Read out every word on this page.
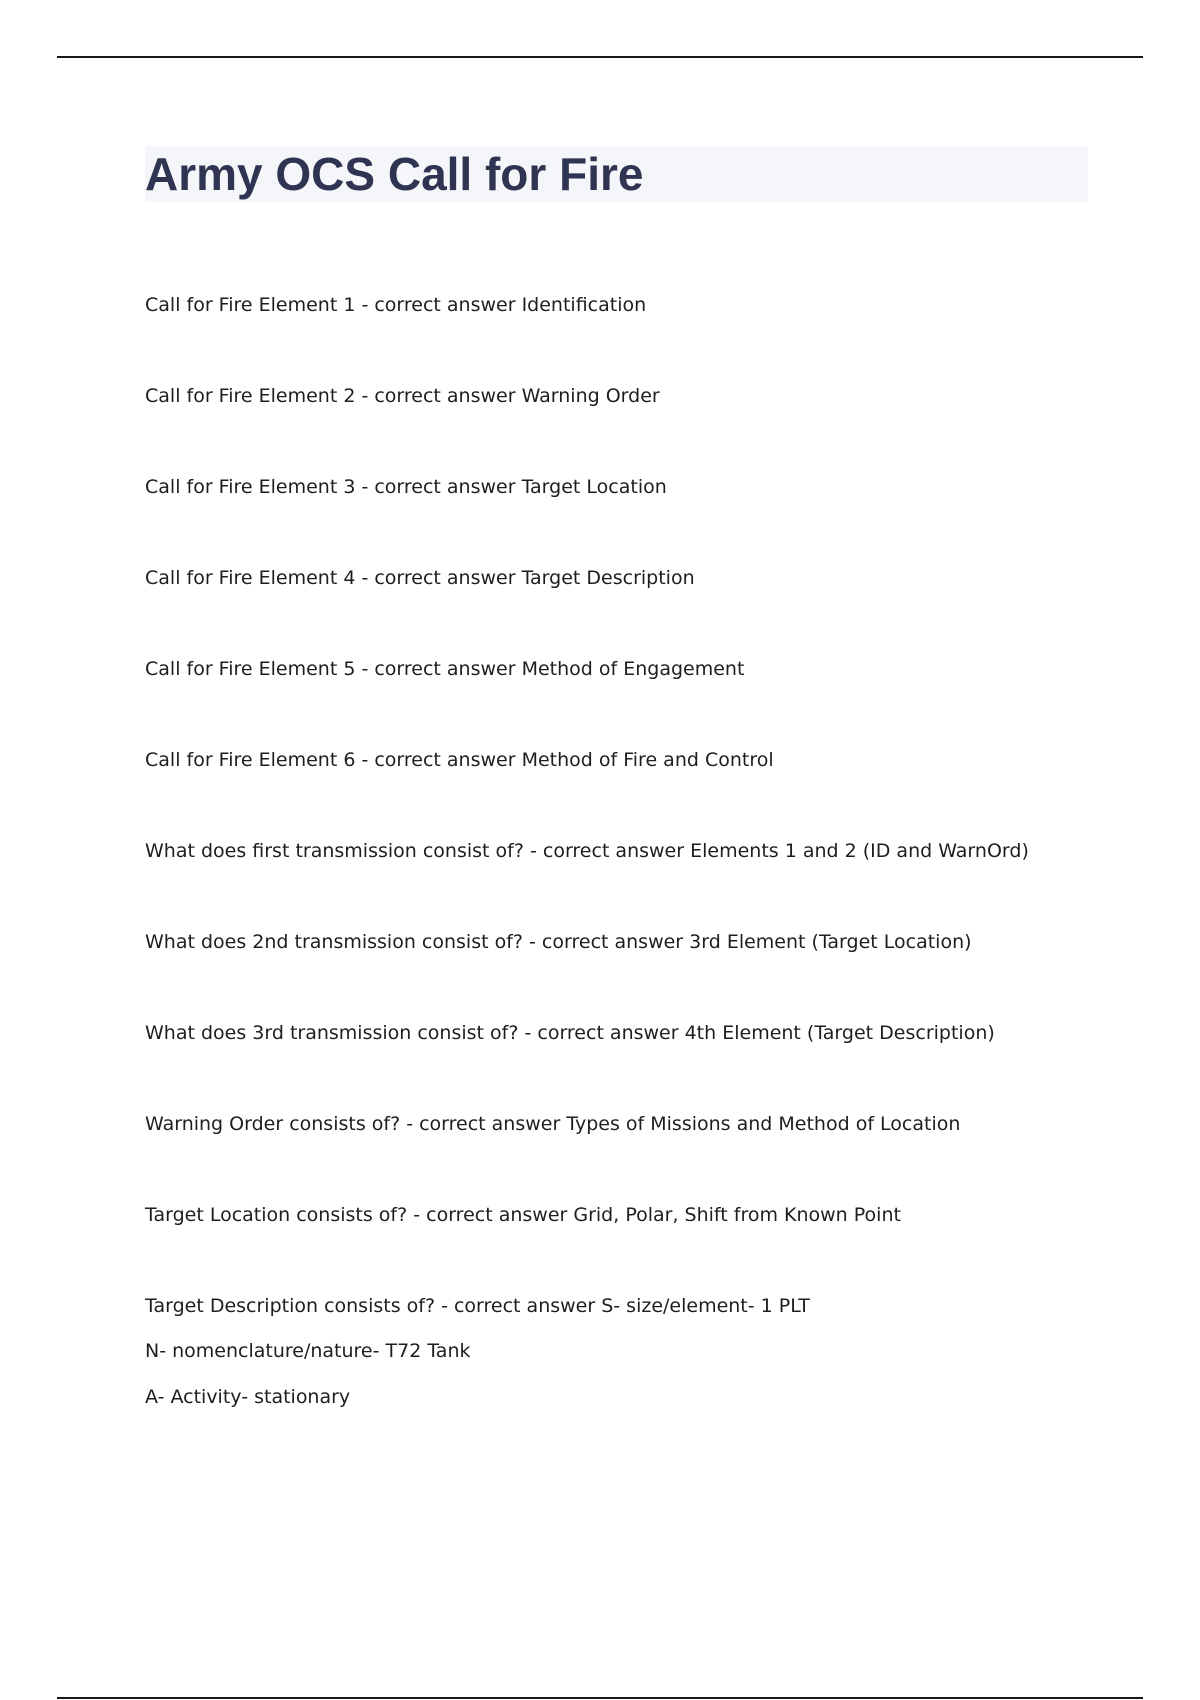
Army OCS Call for Fire

Call for Fire Element 1 - correct answer Identification

Call for Fire Element 2 - correct answer Warning Order

Call for Fire Element 3 - correct answer Target Location

Call for Fire Element 4 - correct answer Target Description

Call for Fire Element 5 - correct answer Method of Engagement

Call for Fire Element 6 - correct answer Method of Fire and Control

What does first transmission consist of? - correct answer Elements 1 and 2 (ID and WarnOrd)

What does 2nd transmission consist of? - correct answer 3rd Element (Target Location)

What does 3rd transmission consist of? - correct answer 4th Element (Target Description)

Warning Order consists of? - correct answer Types of Missions and Method of Location

Target Location consists of? - correct answer Grid, Polar, Shift from Known Point

Target Description consists of? - correct answer S- size/element- 1 PLT

N- nomenclature/nature- T72 Tank

A- Activity- stationary
